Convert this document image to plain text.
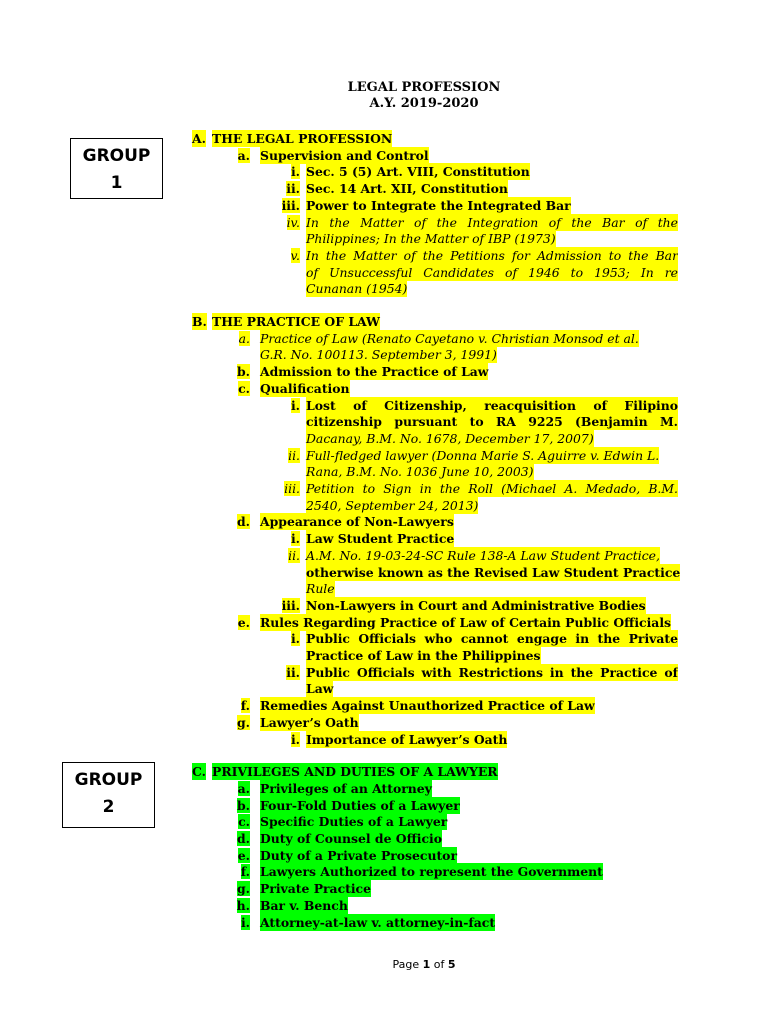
LEGAL PROFESSION
A.Y. 2019-2020
GROUP
1
GROUP
2
A. THE LEGAL PROFESSION
a. Supervision and Control
i. Sec. 5 (5) Art. VIII, Constitution
ii. Sec. 14 Art. XII, Constitution
iii. Power to Integrate the Integrated Bar
iv. In the Matter of the Integration of the Bar of the
Philippines; In the Matter of IBP (1973)
v. In the Matter of the Petitions for Admission to the Bar
of Unsuccessful Candidates of 1946 to 1953; In re
Cunanan (1954)
B. THE PRACTICE OF LAW
a. Practice of Law (Renato Cayetano v. Christian Monsod et al.
G.R. No. 100113. September 3, 1991)
b. Admission to the Practice of Law
c. Qualification
i. Lost of Citizenship, reacquisition of Filipino
citizenship pursuant to RA 9225 (Benjamin M.
Dacanay, B.M. No. 1678, December 17, 2007)
ii. Full-fledged lawyer (Donna Marie S. Aguirre v. Edwin L.
Rana, B.M. No. 1036 June 10, 2003)
iii. Petition to Sign in the Roll (Michael A. Medado, B.M.
2540, September 24, 2013)
d. Appearance of Non-Lawyers
i. Law Student Practice
ii. A.M. No. 19-03-24-SC Rule 138-A Law Student Practice,
otherwise known as the Revised Law Student Practice
Rule
iii. Non-Lawyers in Court and Administrative Bodies
e. Rules Regarding Practice of Law of Certain Public Officials
i. Public Officials who cannot engage in the Private
Practice of Law in the Philippines
ii. Public Officials with Restrictions in the Practice of
Law
f. Remedies Against Unauthorized Practice of Law
g. Lawyer’s Oath
i. Importance of Lawyer’s Oath
C. PRIVILEGES AND DUTIES OF A LAWYER
a. Privileges of an Attorney
b. Four-Fold Duties of a Lawyer
c. Specific Duties of a Lawyer
d. Duty of Counsel de Officio
e. Duty of a Private Prosecutor
f. Lawyers Authorized to represent the Government
g. Private Practice
h. Bar v. Bench
i. Attorney-at-law v. attorney-in-fact
Page 1 of 5
